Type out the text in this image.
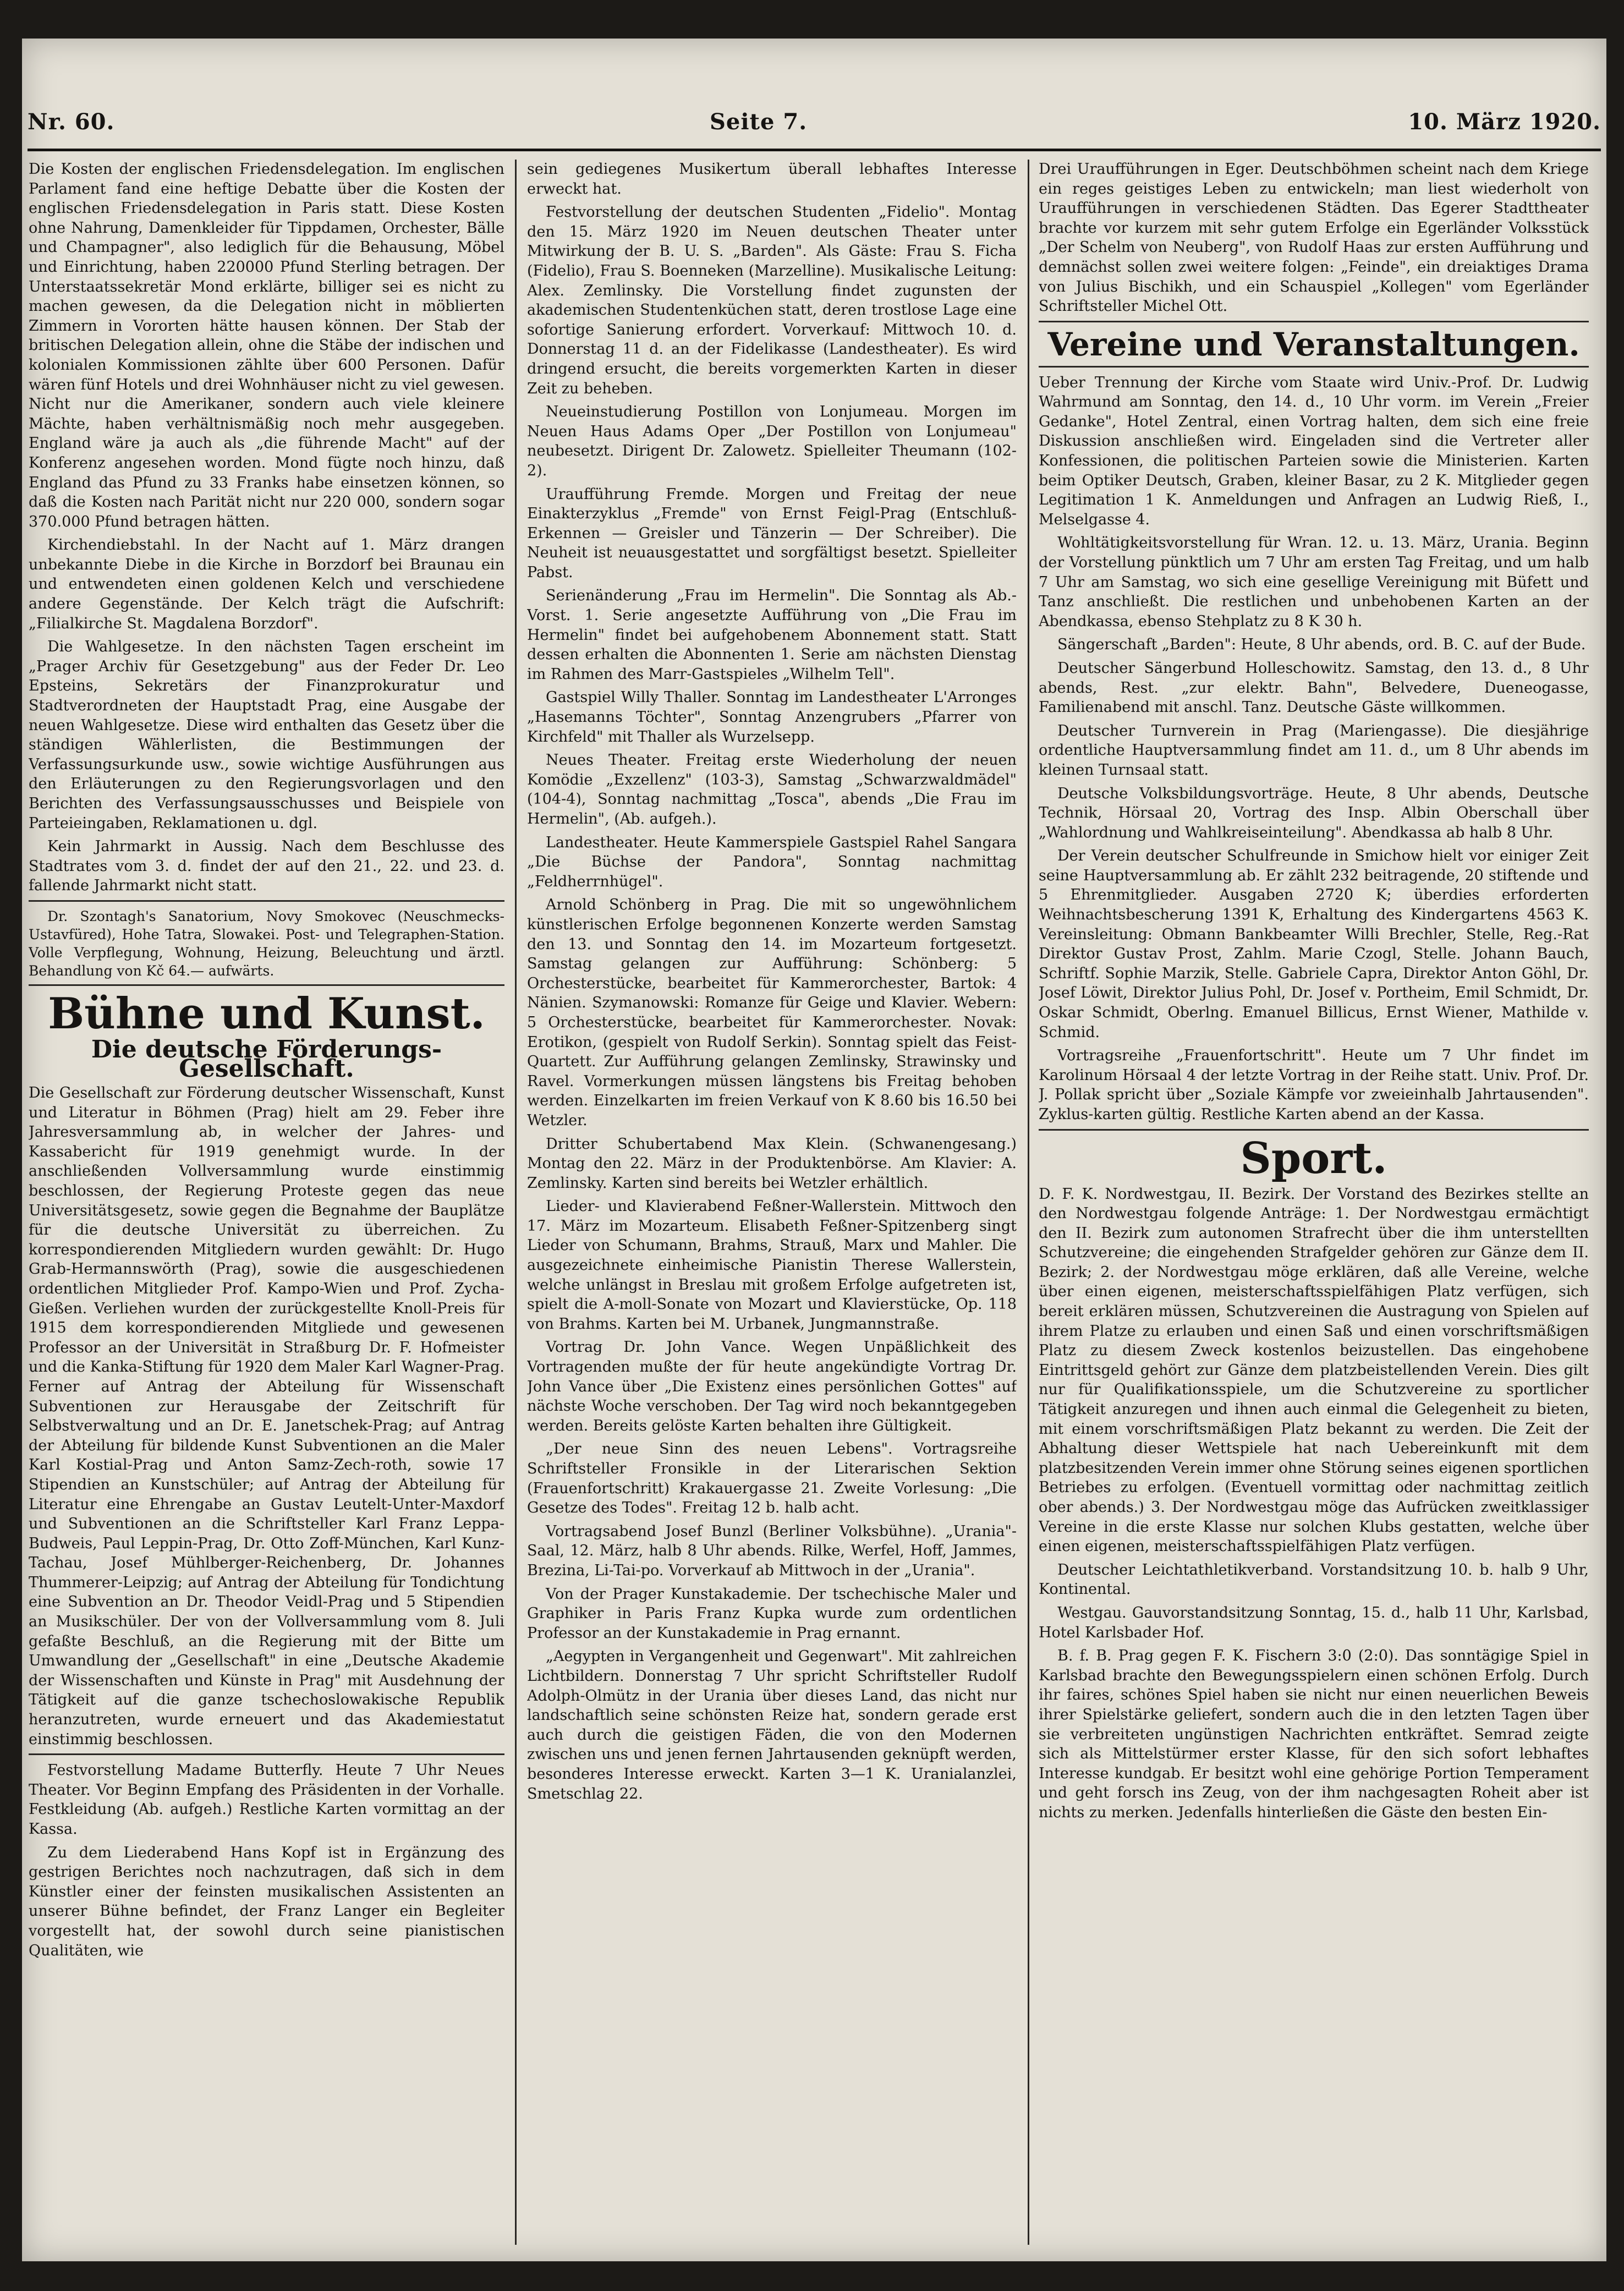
Nr. 60.	Seite 7.	10. März 1920.

Die Kosten der englischen Friedensdelegation. Im englischen Parlament fand eine heftige Debatte über die Kosten der englischen Friedensdelegation in Paris statt. Diese Kosten ohne Nahrung, Damenkleider für Tippdamen, Orchester, Bälle und Champagner", also lediglich für die Behausung, Möbel und Einrichtung, haben 220000 Pfund Sterling betragen. Der Unterstaatssekretär Mond erklärte, billiger sei es nicht zu machen gewesen, da die Delegation nicht in möblierten Zimmern in Vororten hätte hausen können. Der Stab der britischen Delegation allein, ohne die Stäbe der indischen und kolonialen Kommissionen zählte über 600 Personen. Dafür wären fünf Hotels und drei Wohnhäuser nicht zu viel gewesen. Nicht nur die Amerikaner, sondern auch viele kleinere Mächte, haben verhältnismäßig noch mehr ausgegeben. England wäre ja auch als „die führende Macht" auf der Konferenz angesehen worden. Mond fügte noch hinzu, daß England das Pfund zu 33 Franks habe einsetzen können, so daß die Kosten nach Parität nicht nur 220 000, sondern sogar 370.000 Pfund betragen hätten.

Kirchendiebstahl. In der Nacht auf 1. März drangen unbekannte Diebe in die Kirche in Borzdorf bei Braunau ein und entwendeten einen goldenen Kelch und verschiedene andere Gegenstände. Der Kelch trägt die Aufschrift: „Filialkirche St. Magdalena Borzdorf".

Die Wahlgesetze. In den nächsten Tagen erscheint im „Prager Archiv für Gesetzgebung" aus der Feder Dr. Leo Epsteins, Sekretärs der Finanzprokuratur und Stadtverordneten der Hauptstadt Prag, eine Ausgabe der neuen Wahlgesetze. Diese wird enthalten das Gesetz über die ständigen Wählerlisten, die Bestimmungen der Verfassungsurkunde usw., sowie wichtige Ausführungen aus den Erläuterungen zu den Regierungsvorlagen und den Berichten des Verfassungsausschusses und Beispiele von Parteieingaben, Reklamationen u. dgl.

Kein Jahrmarkt in Aussig. Nach dem Beschlusse des Stadtrates vom 3. d. findet der auf den 21., 22. und 23. d. fallende Jahrmarkt nicht statt.

Dr. Szontagh's Sanatorium, Novy Smokovec (Neuschmecks-Ustavfüred), Hohe Tatra, Slowakei. Post- und Telegraphen-Station. Volle Verpflegung, Wohnung, Heizung, Beleuchtung und ärztl. Behandlung von Kč 64.— aufwärts.

Bühne und Kunst.
Die deutsche Förderungs-Gesellschaft.

Die Gesellschaft zur Förderung deutscher Wissenschaft, Kunst und Literatur in Böhmen (Prag) hielt am 29. Feber ihre Jahresversammlung ab, in welcher der Jahres- und Kassabericht für 1919 genehmigt wurde. In der anschließenden Vollversammlung wurde einstimmig beschlossen, der Regierung Proteste gegen das neue Universitätsgesetz, sowie gegen die Begnahme der Bauplätze für die deutsche Universität zu überreichen. Zu korrespondierenden Mitgliedern wurden gewählt: Dr. Hugo Grab-Hermannswörth (Prag), sowie die ausgeschiedenen ordentlichen Mitglieder Prof. Kampo-Wien und Prof. Zycha-Gießen. Verliehen wurden der zurückgestellte Knoll-Preis für 1915 dem korrespondierenden Mitgliede und gewesenen Professor an der Universität in Straßburg Dr. F. Hofmeister und die Kanka-Stiftung für 1920 dem Maler Karl Wagner-Prag. Ferner auf Antrag der Abteilung für Wissenschaft Subventionen zur Herausgabe der Zeitschrift für Selbstverwaltung und an Dr. E. Janetschek-Prag; auf Antrag der Abteilung für bildende Kunst Subventionen an die Maler Karl Kostial-Prag und Anton Samz-Zech-roth, sowie 17 Stipendien an Kunstschüler; auf Antrag der Abteilung für Literatur eine Ehrengabe an Gustav Leutelt-Unter-Maxdorf und Subventionen an die Schriftsteller Karl Franz Leppa-Budweis, Paul Leppin-Prag, Dr. Otto Zoff-München, Karl Kunz-Tachau, Josef Mühlberger-Reichenberg, Dr. Johannes Thummerer-Leipzig; auf Antrag der Abteilung für Tondichtung eine Subvention an Dr. Theodor Veidl-Prag und 5 Stipendien an Musikschüler. Der von der Vollversammlung vom 8. Juli gefaßte Beschluß, an die Regierung mit der Bitte um Umwandlung der „Gesellschaft" in eine „Deutsche Akademie der Wissenschaften und Künste in Prag" mit Ausdehnung der Tätigkeit auf die ganze tschechoslowakische Republik heranzutreten, wurde erneuert und das Akademiestatut einstimmig beschlossen.

Festvorstellung Madame Butterfly. Heute 7 Uhr Neues Theater. Vor Beginn Empfang des Präsidenten in der Vorhalle. Festkleidung (Ab. aufgeh.) Restliche Karten vormittag an der Kassa.

Zu dem Liederabend Hans Kopf ist in Ergänzung des gestrigen Berichtes noch nachzutragen, daß sich in dem Künstler einer der feinsten musikalischen Assistenten an unserer Bühne befindet, der Franz Langer ein Begleiter vorgestellt hat, der sowohl durch seine pianistischen Qualitäten, wie

sein gediegenes Musikertum überall lebhaftes Interesse erweckt hat.

Festvorstellung der deutschen Studenten „Fidelio". Montag den 15. März 1920 im Neuen deutschen Theater unter Mitwirkung der B. U. S. „Barden". Als Gäste: Frau S. Ficha (Fidelio), Frau S. Boenneken (Marzelline). Musikalische Leitung: Alex. Zemlinsky. Die Vorstellung findet zugunsten der akademischen Studentenküchen statt, deren trostlose Lage eine sofortige Sanierung erfordert. Vorverkauf: Mittwoch 10. d. Donnerstag 11 d. an der Fidelikasse (Landestheater). Es wird dringend ersucht, die bereits vorgemerkten Karten in dieser Zeit zu beheben.

Neueinstudierung Postillon von Lonjumeau. Morgen im Neuen Haus Adams Oper „Der Postillon von Lonjumeau" neubesetzt. Dirigent Dr. Zalowetz. Spielleiter Theumann (102-2).

Uraufführung Fremde. Morgen und Freitag der neue Einakterzyklus „Fremde" von Ernst Feigl-Prag (Entschluß-Erkennen — Greisler und Tänzerin — Der Schreiber). Die Neuheit ist neuausgestattet und sorgfältigst besetzt. Spielleiter Pabst.

Serienänderung „Frau im Hermelin". Die Sonntag als Ab.-Vorst. 1. Serie angesetzte Aufführung von „Die Frau im Hermelin" findet bei aufgehobenem Abonnement statt. Statt dessen erhalten die Abonnenten 1. Serie am nächsten Dienstag im Rahmen des Marr-Gastspieles „Wilhelm Tell".

Gastspiel Willy Thaller. Sonntag im Landestheater L'Arronges „Hasemanns Töchter", Sonntag Anzengrubers „Pfarrer von Kirchfeld" mit Thaller als Wurzelsepp.

Neues Theater. Freitag erste Wiederholung der neuen Komödie „Exzellenz" (103-3), Samstag „Schwarzwaldmädel" (104-4), Sonntag nachmittag „Tosca", abends „Die Frau im Hermelin", (Ab. aufgeh.).

Landestheater. Heute Kammerspiele Gastspiel Rahel Sangara „Die Büchse der Pandora", Sonntag nachmittag „Feldherrnhügel".

Arnold Schönberg in Prag. Die mit so ungewöhnlichem künstlerischen Erfolge begonnenen Konzerte werden Samstag den 13. und Sonntag den 14. im Mozarteum fortgesetzt. Samstag gelangen zur Aufführung: Schönberg: 5 Orchesterstücke, bearbeitet für Kammerorchester, Bartok: 4 Nänien. Szymanowski: Romanze für Geige und Klavier. Webern: 5 Orchesterstücke, bearbeitet für Kammerorchester. Novak: Erotikon, (gespielt von Rudolf Serkin). Sonntag spielt das Feist-Quartett. Zur Aufführung gelangen Zemlinsky, Strawinsky und Ravel. Vormerkungen müssen längstens bis Freitag behoben werden. Einzelkarten im freien Verkauf von K 8.60 bis 16.50 bei Wetzler.

Dritter Schubertabend Max Klein. (Schwanengesang.) Montag den 22. März in der Produktenbörse. Am Klavier: A. Zemlinsky. Karten sind bereits bei Wetzler erhältlich.

Lieder- und Klavierabend Feßner-Wallerstein. Mittwoch den 17. März im Mozarteum. Elisabeth Feßner-Spitzenberg singt Lieder von Schumann, Brahms, Strauß, Marx und Mahler. Die ausgezeichnete einheimische Pianistin Therese Wallerstein, welche unlängst in Breslau mit großem Erfolge aufgetreten ist, spielt die A-moll-Sonate von Mozart und Klavierstücke, Op. 118 von Brahms. Karten bei M. Urbanek, Jungmannstraße.

Vortrag Dr. John Vance. Wegen Unpäßlichkeit des Vortragenden mußte der für heute angekündigte Vortrag Dr. John Vance über „Die Existenz eines persönlichen Gottes" auf nächste Woche verschoben. Der Tag wird noch bekanntgegeben werden. Bereits gelöste Karten behalten ihre Gültigkeit.

„Der neue Sinn des neuen Lebens". Vortragsreihe Schriftsteller Fronsikle in der Literarischen Sektion (Frauenfortschritt) Krakauergasse 21. Zweite Vorlesung: „Die Gesetze des Todes". Freitag 12 b. halb acht.

Vortragsabend Josef Bunzl (Berliner Volksbühne). „Urania"-Saal, 12. März, halb 8 Uhr abends. Rilke, Werfel, Hoff, Jammes, Brezina, Li-Tai-po. Vorverkauf ab Mittwoch in der „Urania".

Von der Prager Kunstakademie. Der tschechische Maler und Graphiker in Paris Franz Kupka wurde zum ordentlichen Professor an der Kunstakademie in Prag ernannt.

„Aegypten in Vergangenheit und Gegenwart". Mit zahlreichen Lichtbildern. Donnerstag 7 Uhr spricht Schriftsteller Rudolf Adolph-Olmütz in der Urania über dieses Land, das nicht nur landschaftlich seine schönsten Reize hat, sondern gerade erst auch durch die geistigen Fäden, die von den Modernen zwischen uns und jenen fernen Jahrtausenden geknüpft werden, besonderes Interesse erweckt. Karten 3—1 K. Uranialanzlei, Smetschlag 22.

Drei Uraufführungen in Eger. Deutschböhmen scheint nach dem Kriege ein reges geistiges Leben zu entwickeln; man liest wiederholt von Uraufführungen in verschiedenen Städten. Das Egerer Stadttheater brachte vor kurzem mit sehr gutem Erfolge ein Egerländer Volksstück „Der Schelm von Neuberg", von Rudolf Haas zur ersten Aufführung und demnächst sollen zwei weitere folgen: „Feinde", ein dreiaktiges Drama von Julius Bischikh, und ein Schauspiel „Kollegen" vom Egerländer Schriftsteller Michel Ott.

Vereine und Veranstaltungen.

Ueber Trennung der Kirche vom Staate wird Univ.-Prof. Dr. Ludwig Wahrmund am Sonntag, den 14. d., 10 Uhr vorm. im Verein „Freier Gedanke", Hotel Zentral, einen Vortrag halten, dem sich eine freie Diskussion anschließen wird. Eingeladen sind die Vertreter aller Konfessionen, die politischen Parteien sowie die Ministerien. Karten beim Optiker Deutsch, Graben, kleiner Basar, zu 2 K. Mitglieder gegen Legitimation 1 K. Anmeldungen und Anfragen an Ludwig Rieß, I., Melselgasse 4.

Wohltätigkeitsvorstellung für Wran. 12. u. 13. März, Urania. Beginn der Vorstellung pünktlich um 7 Uhr am ersten Tag Freitag, und um halb 7 Uhr am Samstag, wo sich eine gesellige Vereinigung mit Büfett und Tanz anschließt. Die restlichen und unbehobenen Karten an der Abendkassa, ebenso Stehplatz zu 8 K 30 h.

Sängerschaft „Barden": Heute, 8 Uhr abends, ord. B. C. auf der Bude.

Deutscher Sängerbund Holleschowitz. Samstag, den 13. d., 8 Uhr abends, Rest. „zur elektr. Bahn", Belvedere, Dueneogasse, Familienabend mit anschl. Tanz. Deutsche Gäste willkommen.

Deutscher Turnverein in Prag (Mariengasse). Die diesjährige ordentliche Hauptversammlung findet am 11. d., um 8 Uhr abends im kleinen Turnsaal statt.

Deutsche Volksbildungsvorträge. Heute, 8 Uhr abends, Deutsche Technik, Hörsaal 20, Vortrag des Insp. Albin Oberschall über „Wahlordnung und Wahlkreiseinteilung". Abendkassa ab halb 8 Uhr.

Der Verein deutscher Schulfreunde in Smichow hielt vor einiger Zeit seine Hauptversammlung ab. Er zählt 232 beitragende, 20 stiftende und 5 Ehrenmitglieder. Ausgaben 2720 K; überdies erforderten Weihnachtsbescherung 1391 K, Erhaltung des Kindergartens 4563 K. Vereinsleitung: Obmann Bankbeamter Willi Brechler, Stelle, Reg.-Rat Direktor Gustav Prost, Zahlm. Marie Czogl, Stelle. Johann Bauch, Schriftf. Sophie Marzik, Stelle. Gabriele Capra, Direktor Anton Göhl, Dr. Josef Löwit, Direktor Julius Pohl, Dr. Josef v. Portheim, Emil Schmidt, Dr. Oskar Schmidt, Oberlng. Emanuel Billicus, Ernst Wiener, Mathilde v. Schmid.

Vortragsreihe „Frauenfortschritt". Heute um 7 Uhr findet im Karolinum Hörsaal 4 der letzte Vortrag in der Reihe statt. Univ. Prof. Dr. J. Pollak spricht über „Soziale Kämpfe vor zweieinhalb Jahrtausenden". Zyklus-karten gültig. Restliche Karten abend an der Kassa.

Sport.

D. F. K. Nordwestgau, II. Bezirk. Der Vorstand des Bezirkes stellte an den Nordwestgau folgende Anträge: 1. Der Nordwestgau ermächtigt den II. Bezirk zum autonomen Strafrecht über die ihm unterstellten Schutzvereine; die eingehenden Strafgelder gehören zur Gänze dem II. Bezirk; 2. der Nordwestgau möge erklären, daß alle Vereine, welche über einen eigenen, meisterschaftsspielfähigen Platz verfügen, sich bereit erklären müssen, Schutzvereinen die Austragung von Spielen auf ihrem Platze zu erlauben und einen Saß und einen vorschriftsmäßigen Platz zu diesem Zweck kostenlos beizustellen. Das eingehobene Eintrittsgeld gehört zur Gänze dem platzbeistellenden Verein. Dies gilt nur für Qualifikationsspiele, um die Schutzvereine zu sportlicher Tätigkeit anzuregen und ihnen auch einmal die Gelegenheit zu bieten, mit einem vorschriftsmäßigen Platz bekannt zu werden. Die Zeit der Abhaltung dieser Wettspiele hat nach Uebereinkunft mit dem platzbesitzenden Verein immer ohne Störung seines eigenen sportlichen Betriebes zu erfolgen. (Eventuell vormittag oder nachmittag zeitlich ober abends.) 3. Der Nordwestgau möge das Aufrücken zweitklassiger Vereine in die erste Klasse nur solchen Klubs gestatten, welche über einen eigenen, meisterschaftsspielfähigen Platz verfügen.

Deutscher Leichtathletikverband. Vorstandsitzung 10. b. halb 9 Uhr, Kontinental.

Westgau. Gauvorstandsitzung Sonntag, 15. d., halb 11 Uhr, Karlsbad, Hotel Karlsbader Hof.

B. f. B. Prag gegen F. K. Fischern 3:0 (2:0). Das sonntägige Spiel in Karlsbad brachte den Bewegungsspielern einen schönen Erfolg. Durch ihr faires, schönes Spiel haben sie nicht nur einen neuerlichen Beweis ihrer Spielstärke geliefert, sondern auch die in den letzten Tagen über sie verbreiteten ungünstigen Nachrichten entkräftet. Semrad zeigte sich als Mittelstürmer erster Klasse, für den sich sofort lebhaftes Interesse kundgab. Er besitzt wohl eine gehörige Portion Temperament und geht forsch ins Zeug, von der ihm nachgesagten Roheit aber ist nichts zu merken. Jedenfalls hinterließen die Gäste den besten Ein-
